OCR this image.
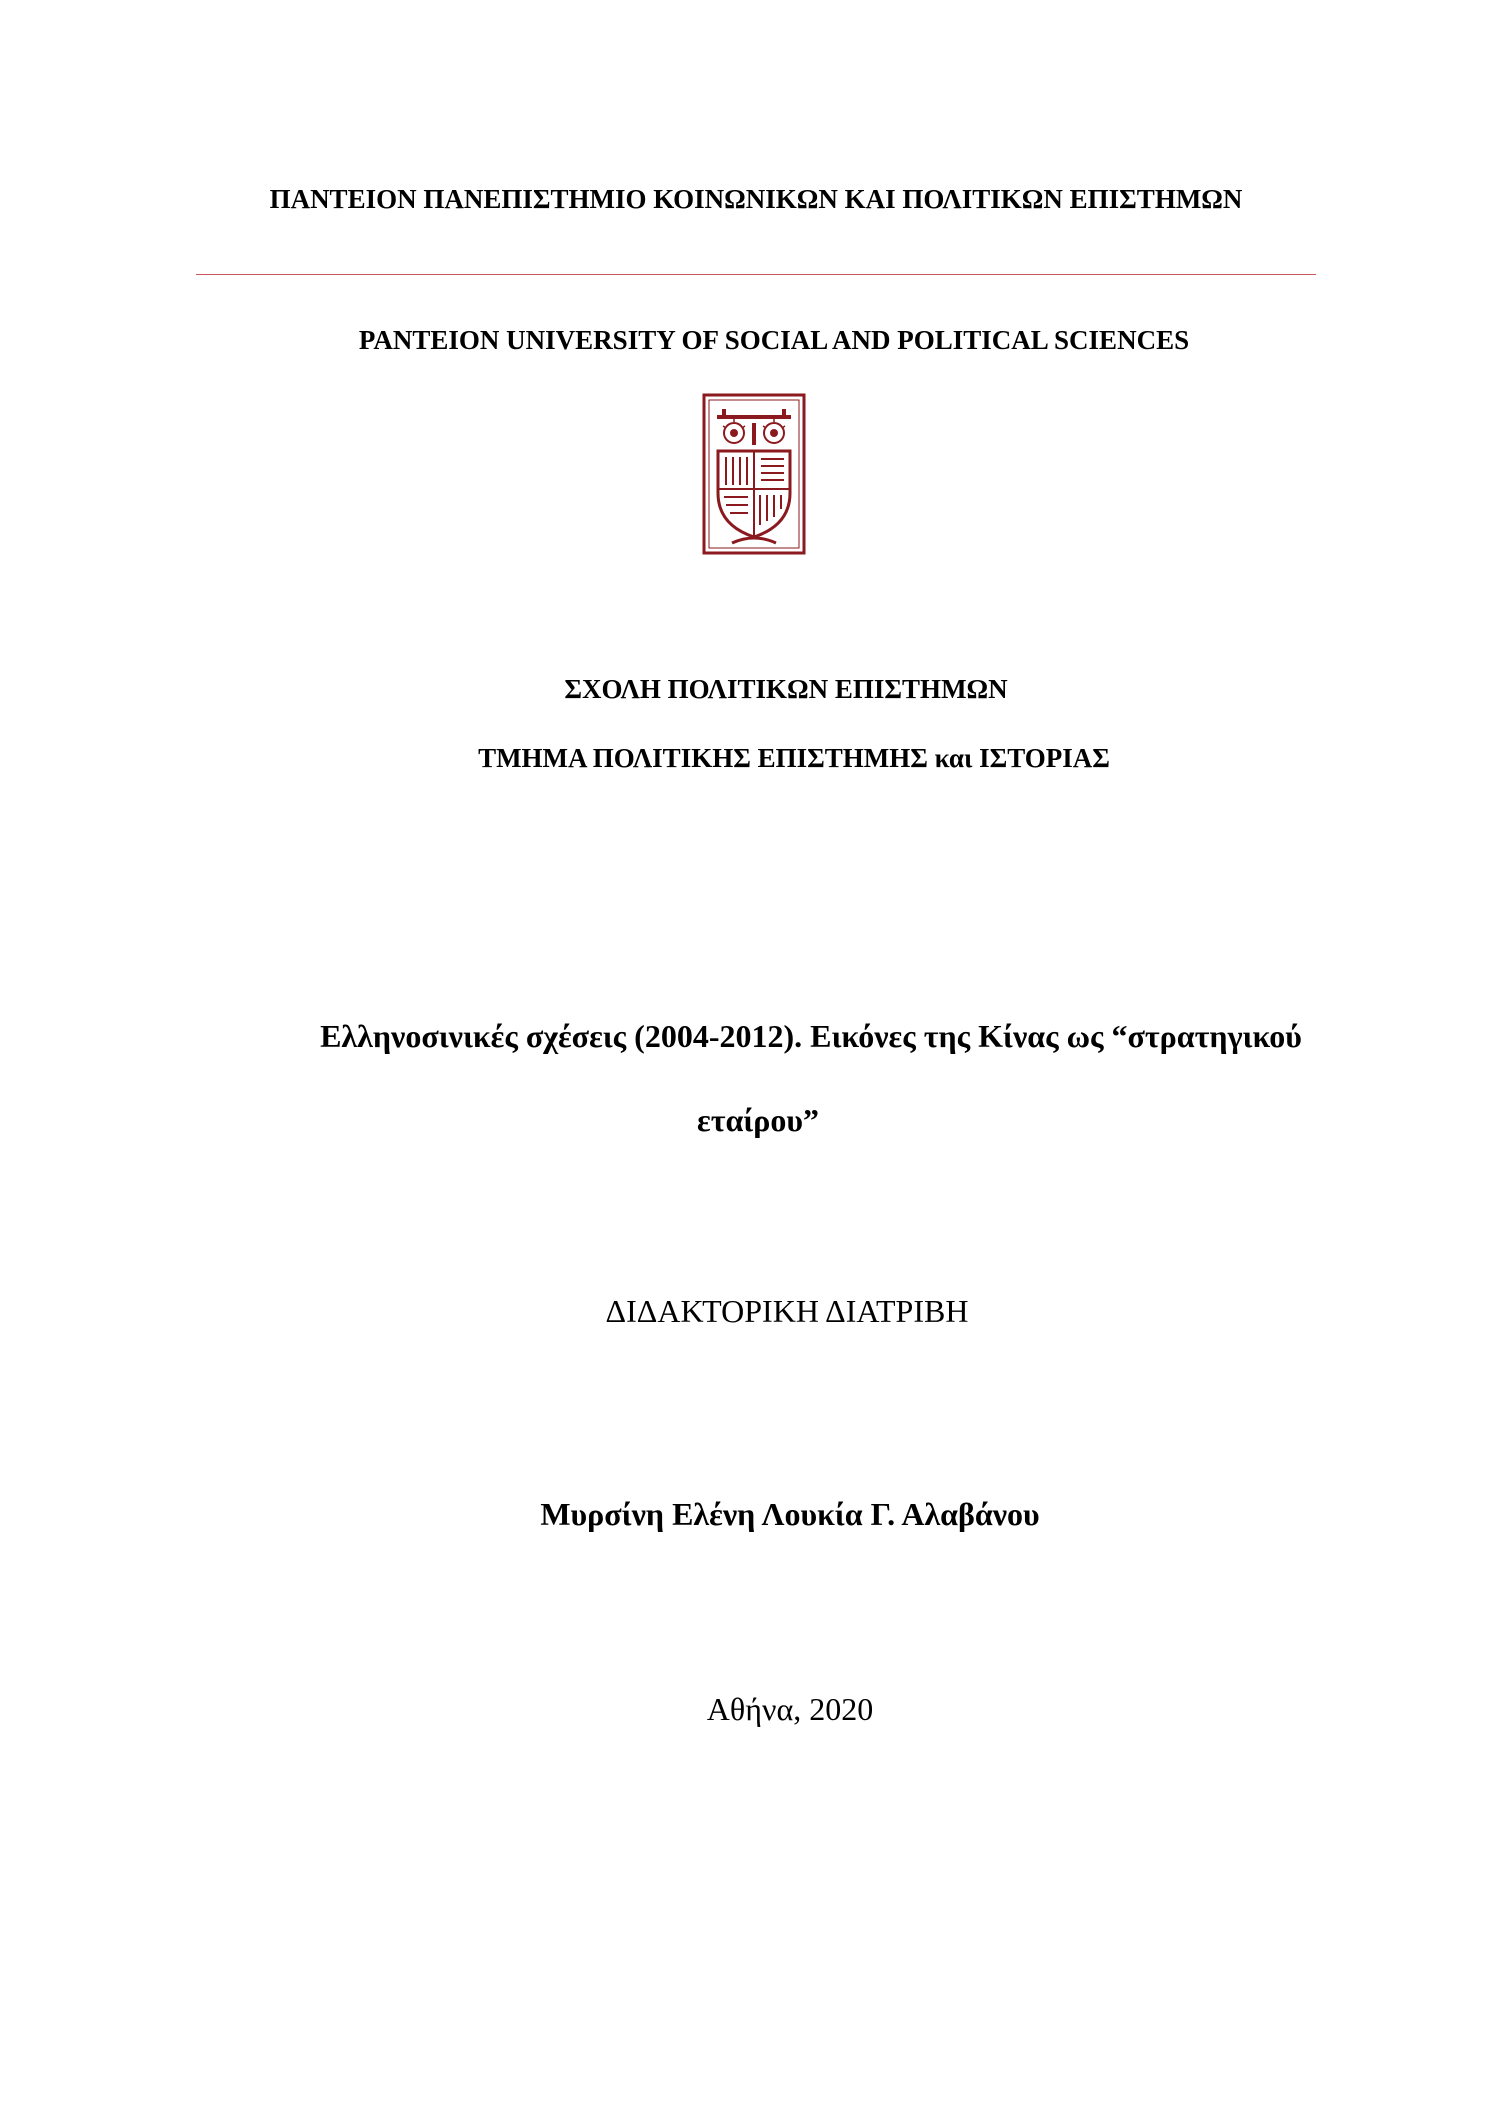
ΠΑΝΤΕΙΟΝ ΠΑΝΕΠΙΣΤΗΜΙΟ ΚΟΙΝΩΝΙΚΩΝ ΚΑΙ ΠΟΛΙΤΙΚΩΝ ΕΠΙΣΤΗΜΩΝ
PANTEION UNIVERSITY OF SOCIAL AND POLITICAL SCIENCES
ΣΧΟΛΗ ΠΟΛΙΤΙΚΩΝ ΕΠΙΣΤΗΜΩΝ
ΤΜΗΜΑ ΠΟΛΙΤΙΚΗΣ ΕΠΙΣΤΗΜΗΣ και ΙΣΤΟΡΙΑΣ
Ελληνοσινικές σχέσεις (2004-2012). Εικόνες της Κίνας ως “στρατηγικού
εταίρου”
ΔΙΔΑΚΤΟΡΙΚΗ ΔΙΑΤΡΙΒΗ
Μυρσίνη Ελένη Λουκία Γ. Αλαβάνου
Αθήνα, 2020
